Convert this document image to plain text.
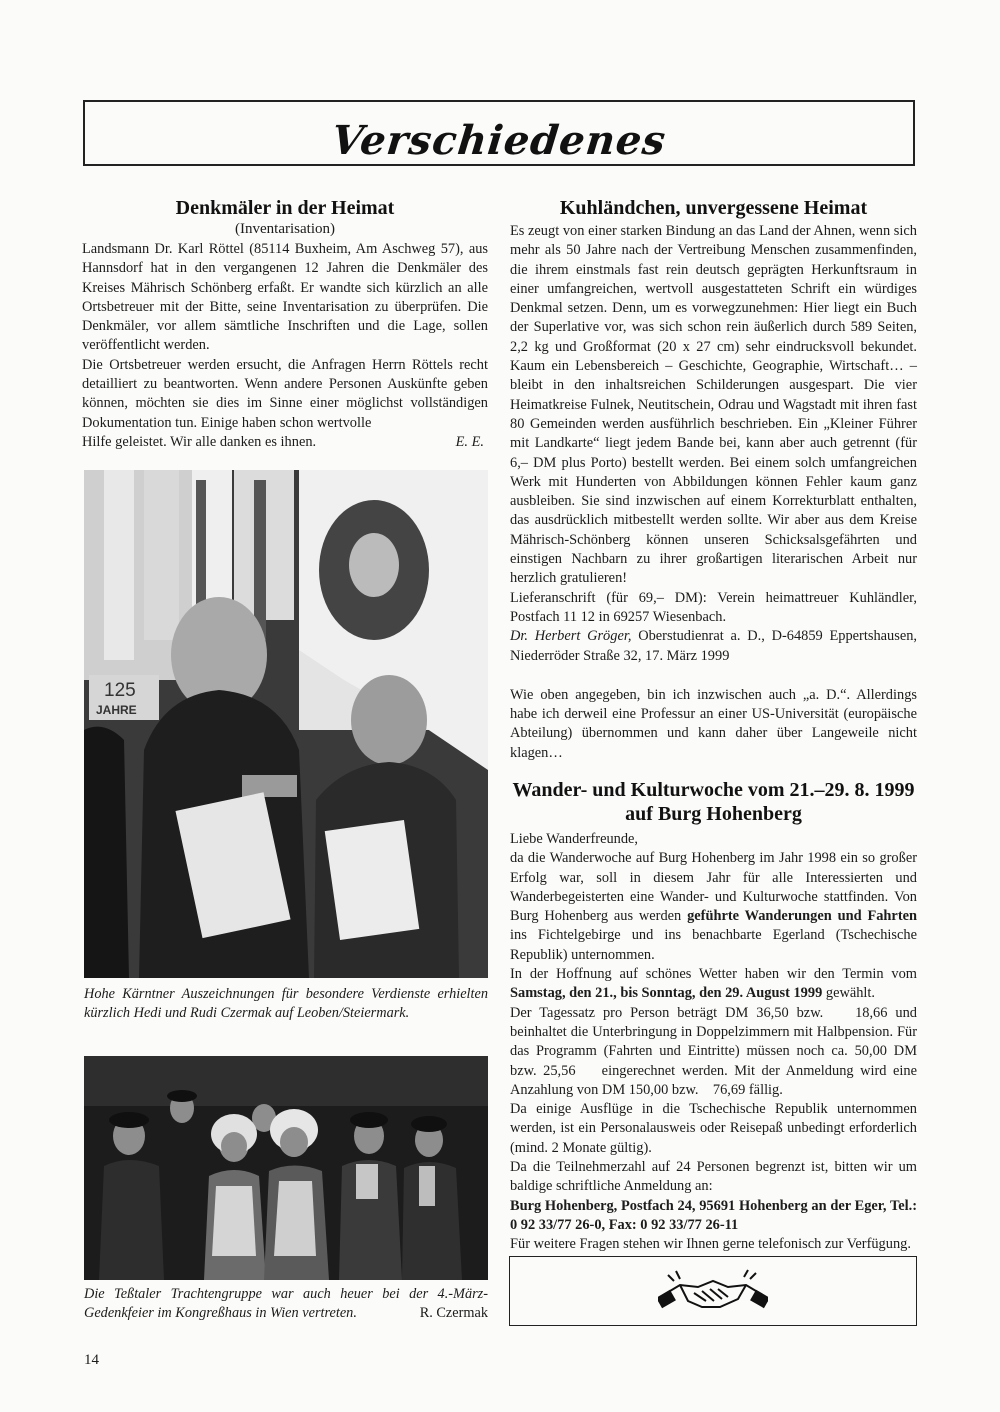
Verschiedenes
Denkmäler in der Heimat
(Inventarisation)

Landsmann Dr. Karl Röttel (85114 Buxheim, Am Aschweg 57), aus Hannsdorf hat in den vergangenen 12 Jahren die Denkmäler des Kreises Mährisch Schönberg erfaßt. Er wandte sich kürzlich an alle Ortsbetreuer mit der Bitte, seine Inventarisation zu überprüfen. Die Denkmäler, vor allem sämtliche Inschriften und die Lage, sollen veröffentlicht werden.

Die Ortsbetreuer werden ersucht, die Anfragen Herrn Röttels recht detailliert zu beantworten. Wenn andere Personen Auskünfte geben können, möchten sie dies im Sinne einer möglichst vollständigen Dokumentation tun. Einige haben schon wertvolle

Hilfe geleistet. Wir alle danken es ihnen.	E. E.

125
JAHRE
Hohe Kärntner Auszeichnungen für besondere Verdienste erhielten kürzlich Hedi und Rudi Czermak auf Leoben/Steiermark.
Die Teßtaler Trachtengruppe war auch heuer bei der 4.-März-Gedenkfeier im Kongreßhaus in Wien vertreten.	R. Czermak
Kuhländchen, unvergessene Heimat

Es zeugt von einer starken Bindung an das Land der Ahnen, wenn sich mehr als 50 Jahre nach der Vertreibung Menschen zusammenfinden, die ihrem einstmals fast rein deutsch geprägten Herkunftsraum in einer umfangreichen, wertvoll ausgestatteten Schrift ein würdiges Denkmal setzen. Denn, um es vorwegzunehmen: Hier liegt ein Buch der Superlative vor, was sich schon rein äußerlich durch 589 Seiten, 2,2 kg und Großformat (20 x 27 cm) sehr eindrucksvoll bekundet. Kaum ein Lebensbereich – Geschichte, Geographie, Wirtschaft… – bleibt in den inhaltsreichen Schilderungen ausgespart. Die vier Heimatkreise Fulnek, Neutitschein, Odrau und Wagstadt mit ihren fast 80 Gemeinden werden ausführlich beschrieben. Ein „Kleiner Führer mit Landkarte“ liegt jedem Bande bei, kann aber auch getrennt (für 6,– DM plus Porto) bestellt werden. Bei einem solch umfangreichen Werk mit Hunderten von Abbildungen können Fehler kaum ganz ausbleiben. Sie sind inzwischen auf einem Korrekturblatt enthalten, das ausdrücklich mitbestellt werden sollte. Wir aber aus dem Kreise Mährisch-Schönberg können unseren Schicksalsgefährten und einstigen Nachbarn zu ihrer großartigen literarischen Arbeit nur herzlich gratulieren!

Lieferanschrift (für 69,– DM): Verein heimattreuer Kuhländler, Postfach 11 12 in 69257 Wiesenbach.

Dr. Herbert Gröger, Oberstudienrat a. D., D-64859 Eppertshausen, Niederröder Straße 32, 17. März 1999

Wie oben angegeben, bin ich inzwischen auch „a. D.“. Allerdings habe ich derweil eine Professur an einer US-Universität (europäische Abteilung) übernommen und kann daher über Langeweile nicht klagen…

Wander- und Kulturwoche vom 21.–29. 8. 1999
auf Burg Hohenberg

Liebe Wanderfreunde,

da die Wanderwoche auf Burg Hohenberg im Jahr 1998 ein so großer Erfolg war, soll in diesem Jahr für alle Interessierten und Wanderbegeisterten eine Wander- und Kulturwoche stattfinden. Von Burg Hohenberg aus werden geführte Wanderungen und Fahrten ins Fichtelgebirge und ins benachbarte Egerland (Tschechische Republik) unternommen.

In der Hoffnung auf schönes Wetter haben wir den Termin vom Samstag, den 21., bis Sonntag, den 29. August 1999 gewählt.

Der Tagessatz pro Person beträgt DM 36,50 bzw.    18,66 und beinhaltet die Unterbringung in Doppelzimmern mit Halbpension. Für das Programm (Fahrten und Eintritte) müssen noch ca. 50,00 DM bzw. 25,56    eingerechnet werden. Mit der Anmeldung wird eine Anzahlung von DM 150,00 bzw.    76,69 fällig.

Da einige Ausflüge in die Tschechische Republik unternommen werden, ist ein Personalausweis oder Reisepaß unbedingt erforderlich (mind. 2 Monate gültig).

Da die Teilnehmerzahl auf 24 Personen begrenzt ist, bitten wir um baldige schriftliche Anmeldung an:

Burg Hohenberg, Postfach 24, 95691 Hohenberg an der Eger, Tel.: 0 92 33/77 26-0, Fax: 0 92 33/77 26-11

Für weitere Fragen stehen wir Ihnen gerne telefonisch zur Verfügung.

14
